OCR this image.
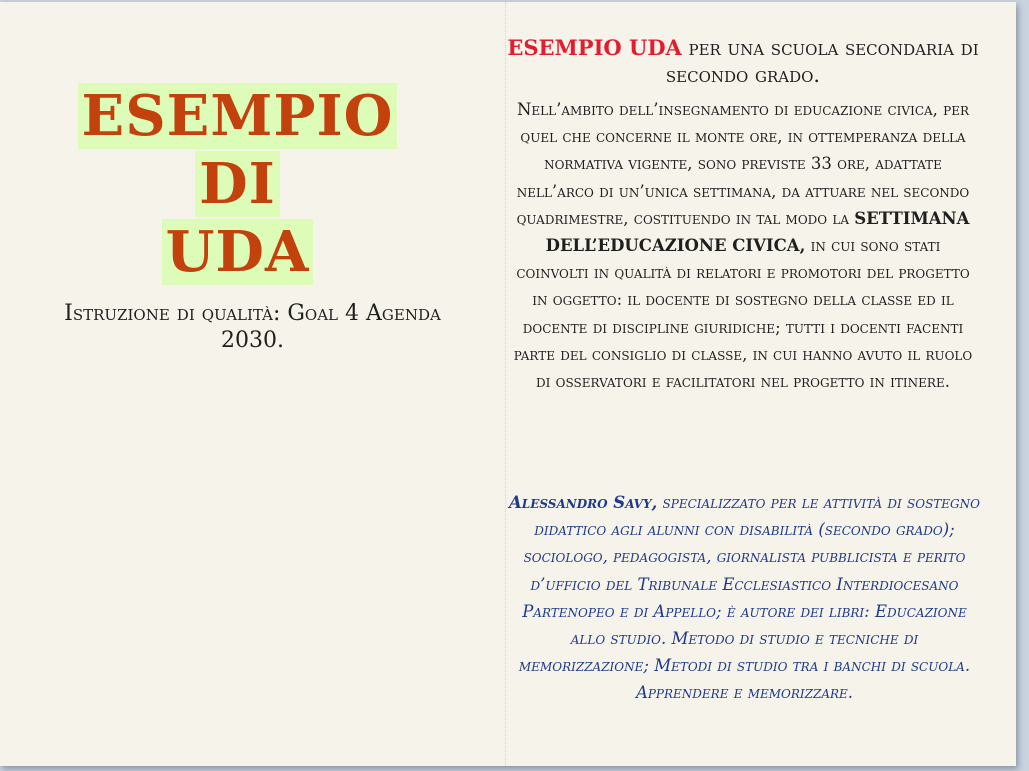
ESEMPIO DI
UDA
Istruzione di qualità: Goal 4 Agenda 2030.
ESEMPIO UDA per una scuola secondaria di secondo grado.
Nell’ambito dell’insegnamento di educazione civica, per quel che concerne il monte ore, in ottemperanza della normativa vigente, sono previste 33 ore, adattate nell’arco di un’unica settimana, da attuare nel secondo quadrimestre, costituendo in tal modo la SETTIMANA DELL’EDUCAZIONE CIVICA, in cui sono stati coinvolti in qualità di relatori e promotori del progetto in oggetto: il docente di sostegno della classe ed il docente di discipline giuridiche; tutti i docenti facenti parte del consiglio di classe, in cui hanno avuto il ruolo di osservatori e facilitatori nel progetto in itinere.
Alessandro Savy, specializzato per le attività di sostegno didattico agli alunni con disabilità (secondo grado); sociologo, pedagogista, giornalista pubblicista e perito d’ufficio del Tribunale Ecclesiastico Interdiocesano Partenopeo e di Appello; è autore dei libri: Educazione allo studio. Metodo di studio e tecniche di memorizzazione; Metodi di studio tra i banchi di scuola. Apprendere e memorizzare.
